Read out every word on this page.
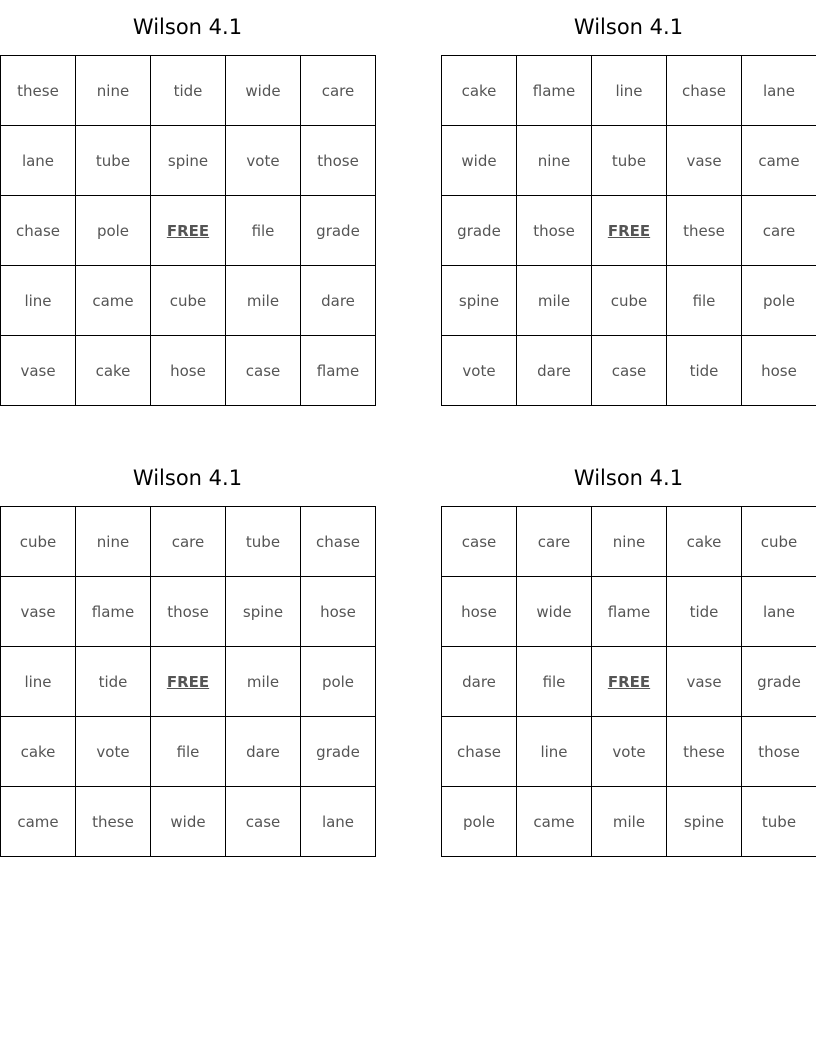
Wilson 4.1
these	nine	tide	wide	care
lane	tube	spine	vote	those
chase	pole	FREE	file	grade
line	came	cube	mile	dare
vase	cake	hose	case	flame
Wilson 4.1
cake	flame	line	chase	lane
wide	nine	tube	vase	came
grade	those	FREE	these	care
spine	mile	cube	file	pole
vote	dare	case	tide	hose
Wilson 4.1
cube	nine	care	tube	chase
vase	flame	those	spine	hose
line	tide	FREE	mile	pole
cake	vote	file	dare	grade
came	these	wide	case	lane
Wilson 4.1
case	care	nine	cake	cube
hose	wide	flame	tide	lane
dare	file	FREE	vase	grade
chase	line	vote	these	those
pole	came	mile	spine	tube
